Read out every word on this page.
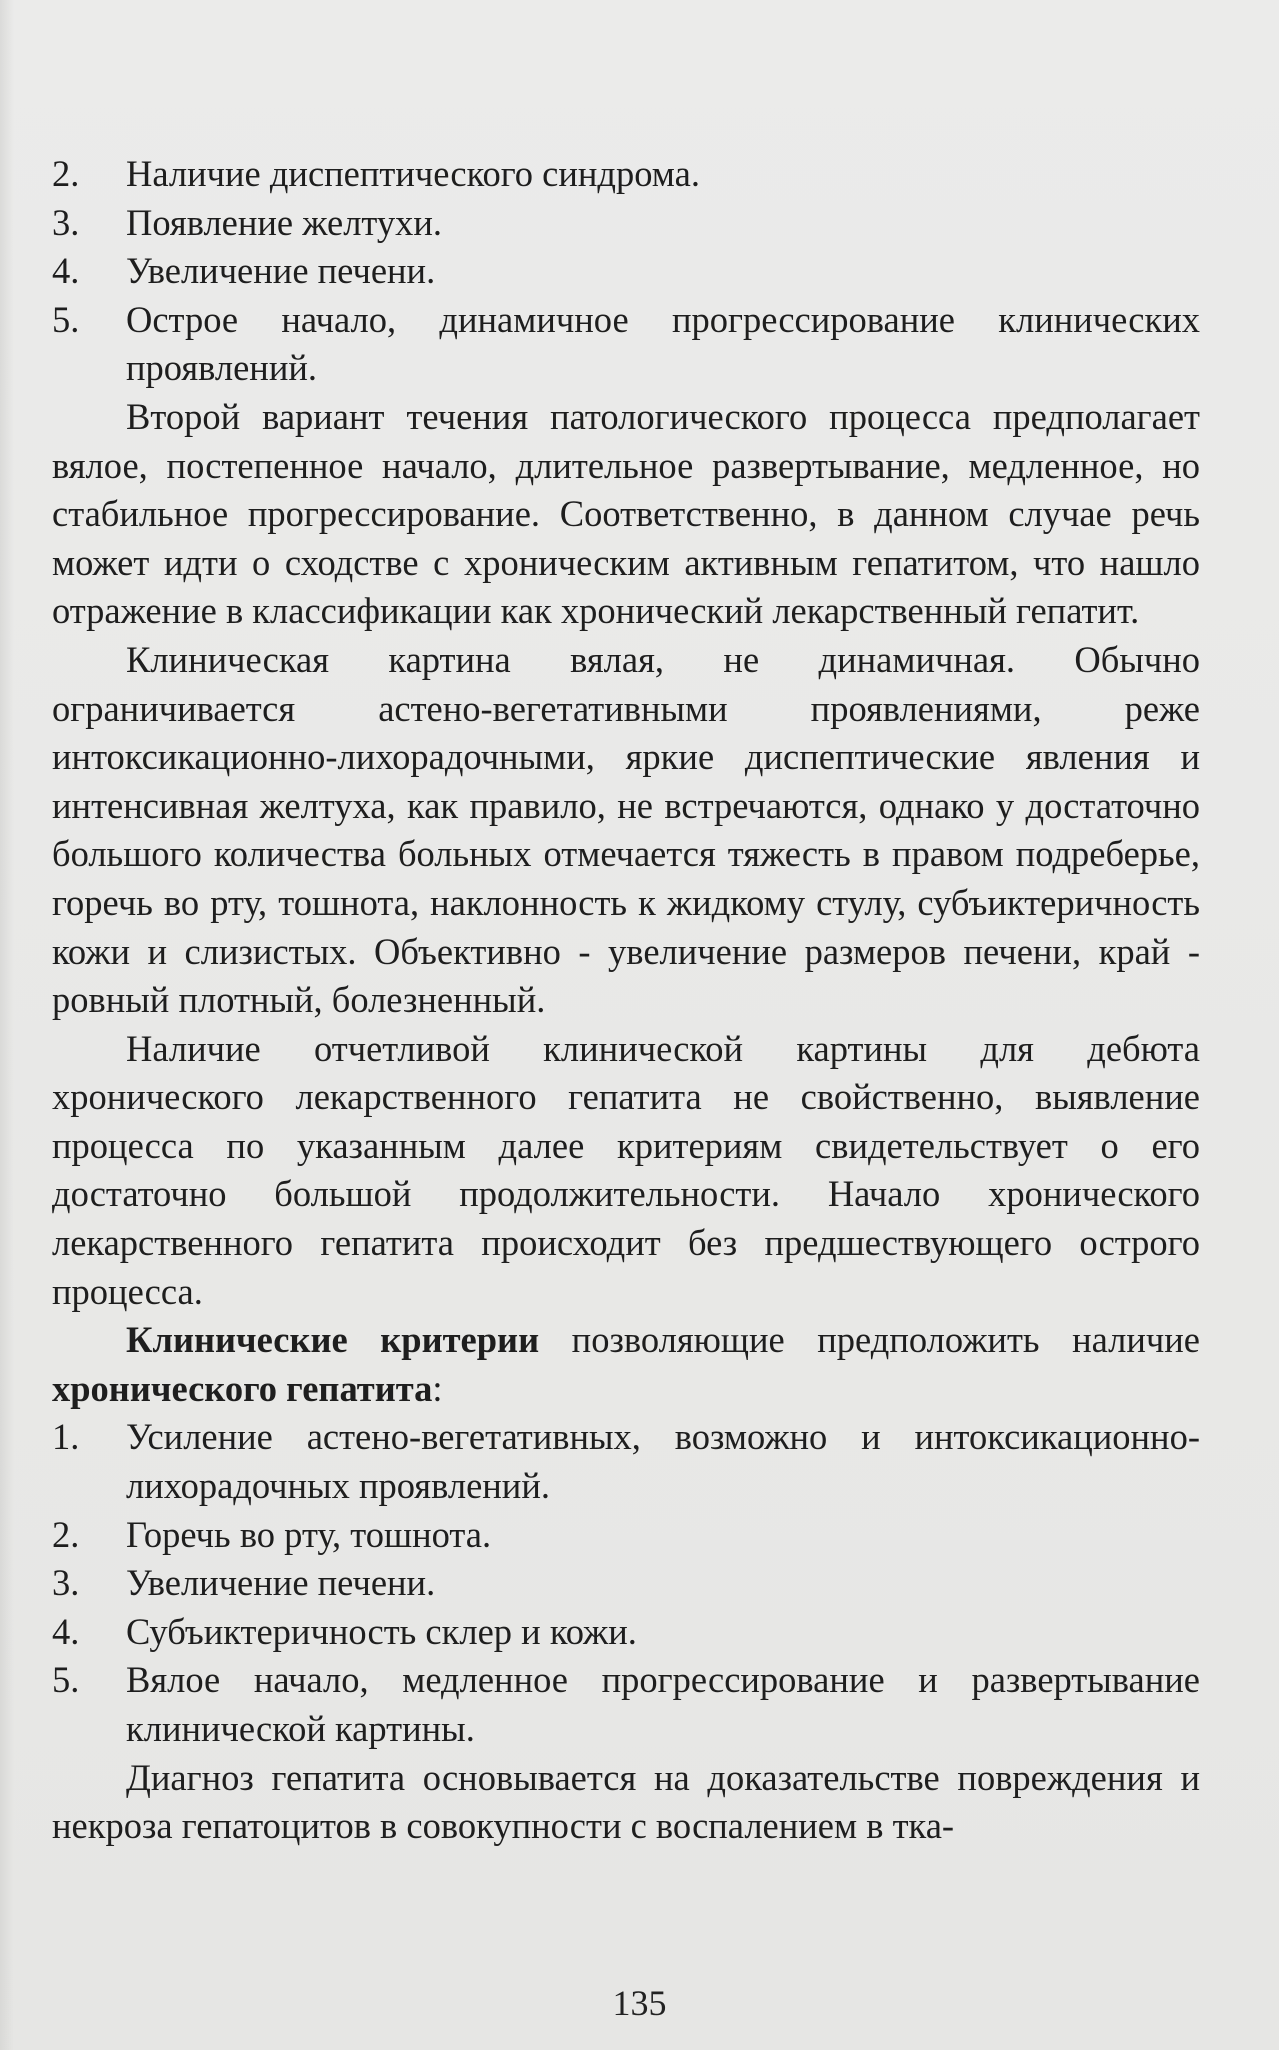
2.	Наличие диспептического синдрома.
3.	Появление желтухи.
4.	Увеличение печени.
5.	Острое начало, динамичное прогрессирование клинических проявлений.

Второй вариант течения патологического процесса предполагает вялое, постепенное начало, длительное развертывание, медленное, но стабильное прогрессирование. Соответственно, в данном случае речь может идти о сходстве с хроническим активным гепатитом, что нашло отражение в классификации как хронический лекарственный гепатит.

Клиническая картина вялая, не динамичная. Обычно ограничивается астено-вегетативными проявлениями, реже интоксикационно-лихорадочными, яркие диспептические явления и интенсивная желтуха, как правило, не встречаются, однако у достаточно большого количества больных отмечается тяжесть в правом подреберье, горечь во рту, тошнота, наклонность к жидкому стулу, субъиктеричность кожи и слизистых. Объективно - увеличение размеров печени, край - ровный плотный, болезненный.

Наличие отчетливой клинической картины для дебюта хронического лекарственного гепатита не свойственно, выявление процесса по указанным далее критериям свидетельствует о его достаточно большой продолжительности. Начало хронического лекарственного гепатита происходит без предшествующего острого процесса.

Клинические критерии позволяющие предположить наличие хронического гепатита:

1.	Усиление астено-вегетативных, возможно и интоксикационно-лихорадочных проявлений.
2.	Горечь во рту, тошнота.
3.	Увеличение печени.
4.	Субъиктеричность склер и кожи.
5.	Вялое начало, медленное прогрессирование и развертывание клинической картины.

Диагноз гепатита основывается на доказательстве повреждения и некроза гепатоцитов в совокупности с воспалением в тка-

135
